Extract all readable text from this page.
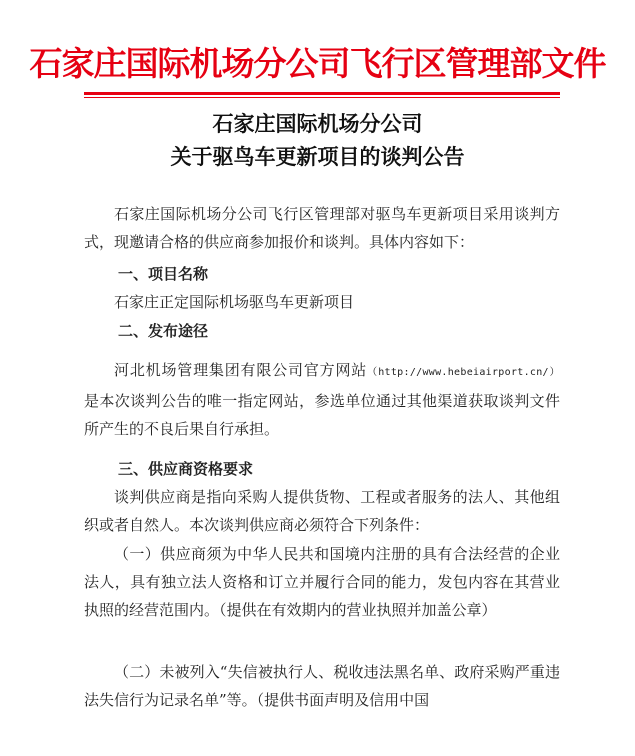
石家庄国际机场分公司飞行区管理部文件
石家庄国际机场分公司
关于驱鸟车更新项目的谈判公告
石家庄国际机场分公司飞行区管理部对驱鸟车更新项目采用谈判方式，现邀请合格的供应商参加报价和谈判。具体内容如下：
一、项目名称
石家庄正定国际机场驱鸟车更新项目
二、发布途径
河北机场管理集团有限公司官方网站（http://www.hebeiairport.cn/）是本次谈判公告的唯一指定网站，参选单位通过其他渠道获取谈判文件所产生的不良后果自行承担。
三、供应商资格要求
谈判供应商是指向采购人提供货物、工程或者服务的法人、其他组织或者自然人。本次谈判供应商必须符合下列条件：
（一）供应商须为中华人民共和国境内注册的具有合法经营的企业法人，具有独立法人资格和订立并履行合同的能力，发包内容在其营业执照的经营范围内。（提供在有效期内的营业执照并加盖公章）
（二）未被列入“失信被执行人、税收违法黑名单、政府采购严重违法失信行为记录名单”等。（提供书面声明及信用中国
